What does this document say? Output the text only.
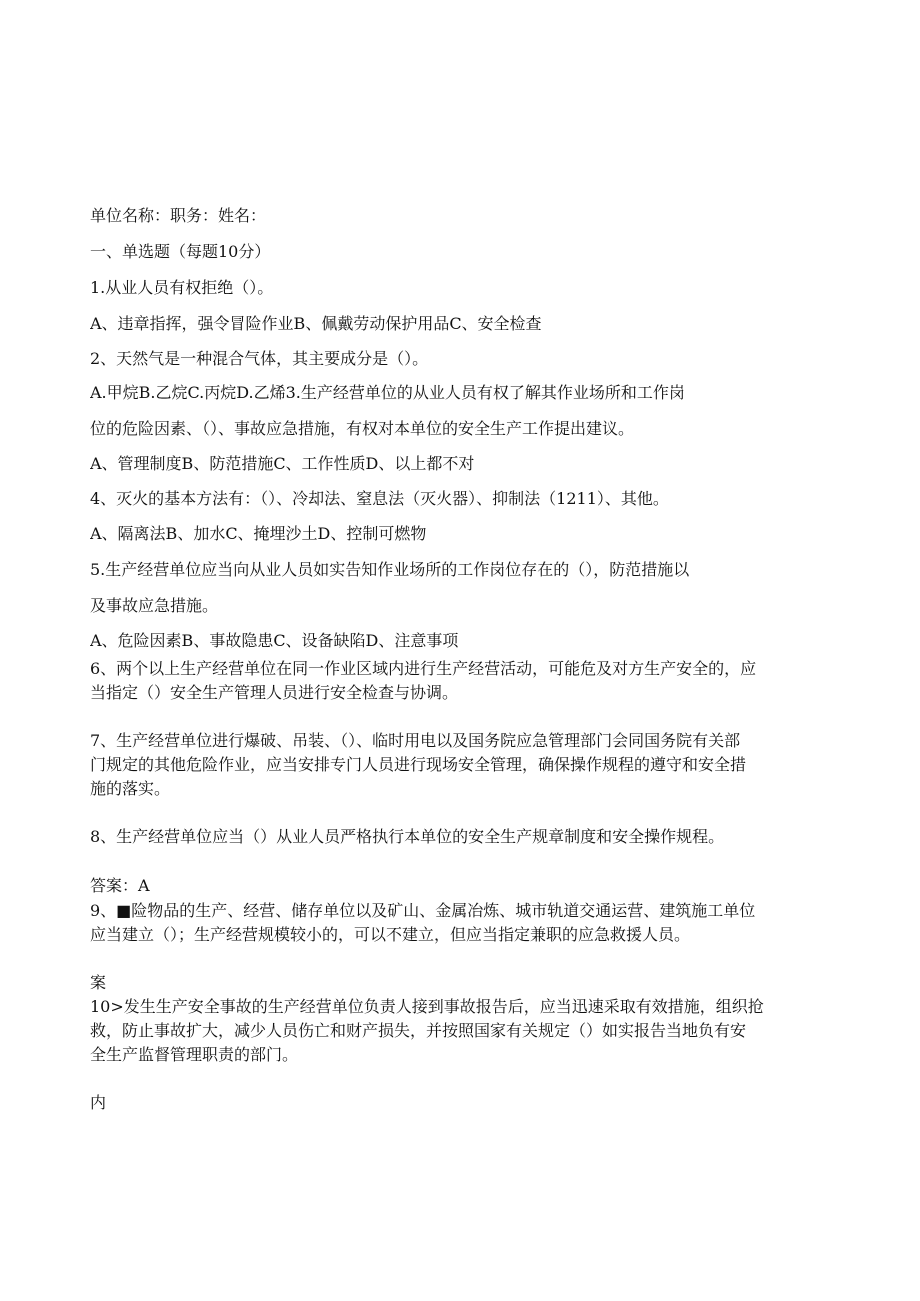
单位名称：职务：姓名：
一、单选题（每题10分）
1.从业人员有权拒绝（）。
A、违章指挥，强令冒险作业B、佩戴劳动保护用品C、安全检查
2、天然气是一种混合气体，其主要成分是（）。
A.甲烷B.乙烷C.丙烷D.乙烯3.生产经营单位的从业人员有权了解其作业场所和工作岗
位的危险因素、（）、事故应急措施，有权对本单位的安全生产工作提出建议。
A、管理制度B、防范措施C、工作性质D、以上都不对
4、灭火的基本方法有：（）、冷却法、窒息法（灭火器）、抑制法（1211）、其他。
A、隔离法B、加水C、掩埋沙土D、控制可燃物
5.生产经营单位应当向从业人员如实告知作业场所的工作岗位存在的（），防范措施以
及事故应急措施。
A、危险因素B、事故隐患C、设备缺陷D、注意事项
6、两个以上生产经营单位在同一作业区域内进行生产经营活动，可能危及对方生产安全的，应
当指定（）安全生产管理人员进行安全检查与协调。
7、生产经营单位进行爆破、吊装、（）、临时用电以及国务院应急管理部门会同国务院有关部
门规定的其他危险作业，应当安排专门人员进行现场安全管理，确保操作规程的遵守和安全措
施的落实。
8、生产经营单位应当（）从业人员严格执行本单位的安全生产规章制度和安全操作规程。
答案：A
9、■险物品的生产、经营、储存单位以及矿山、金属冶炼、城市轨道交通运营、建筑施工单位
应当建立（）；生产经营规模较小的，可以不建立，但应当指定兼职的应急救援人员。
案
10>发生生产安全事故的生产经营单位负责人接到事故报告后，应当迅速采取有效措施，组织抢
救，防止事故扩大，减少人员伤亡和财产损失，并按照国家有关规定（）如实报告当地负有安
全生产监督管理职责的部门。
内
